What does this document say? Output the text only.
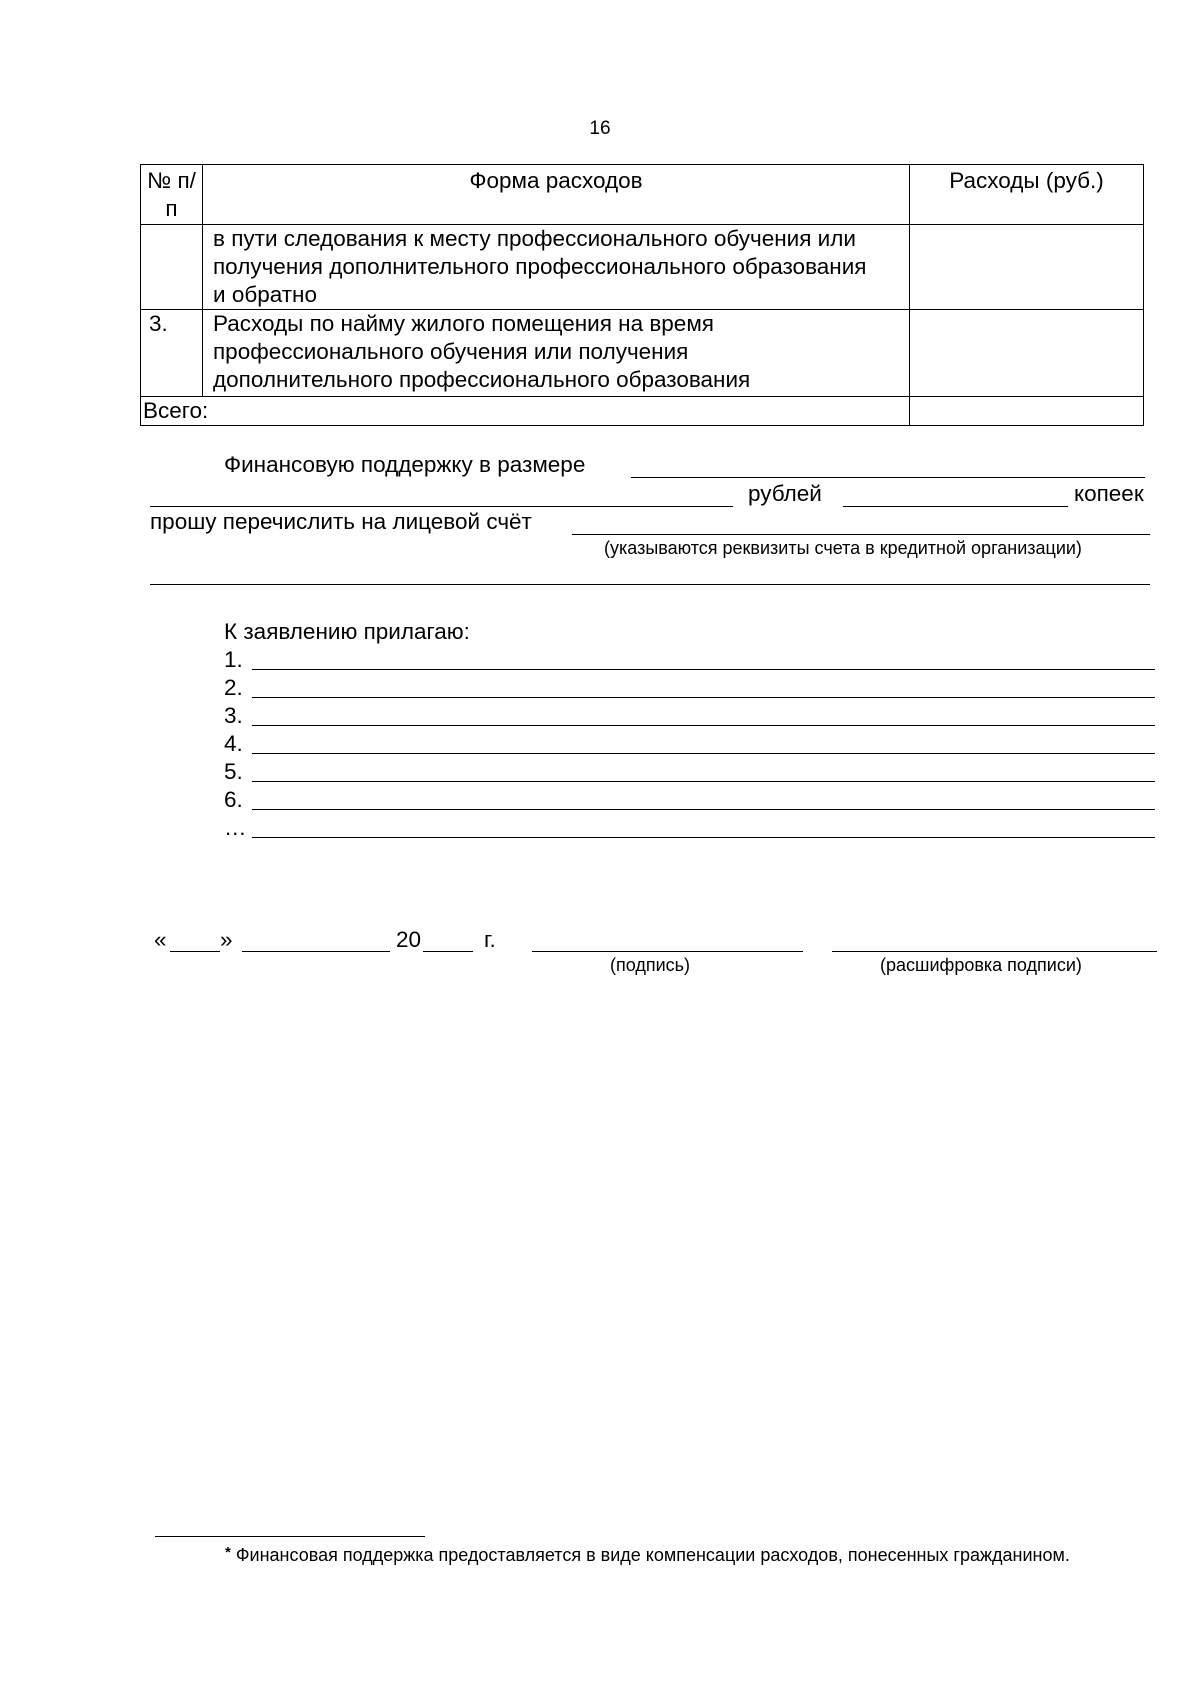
16
№ п/п	Форма расходов	Расходы (руб.)
	в пути следования к месту профессионального обучения или получения дополнительного профессионального образования и обратно	
3.	Расходы по найму жилого помещения на время профессионального обучения или получения дополнительного профессионального образования	
Всего:		
Финансовую поддержку в размере
рублей	копеек
прошу перечислить на лицевой счёт
(указываются реквизиты счета в кредитной организации)
К заявлению прилагаю:
1.
2.
3.
4.
5.
6.
…
« »	20	г.
(подпись)	(расшифровка подписи)
* Финансовая поддержка предоставляется в виде компенсации расходов, понесенных гражданином.
